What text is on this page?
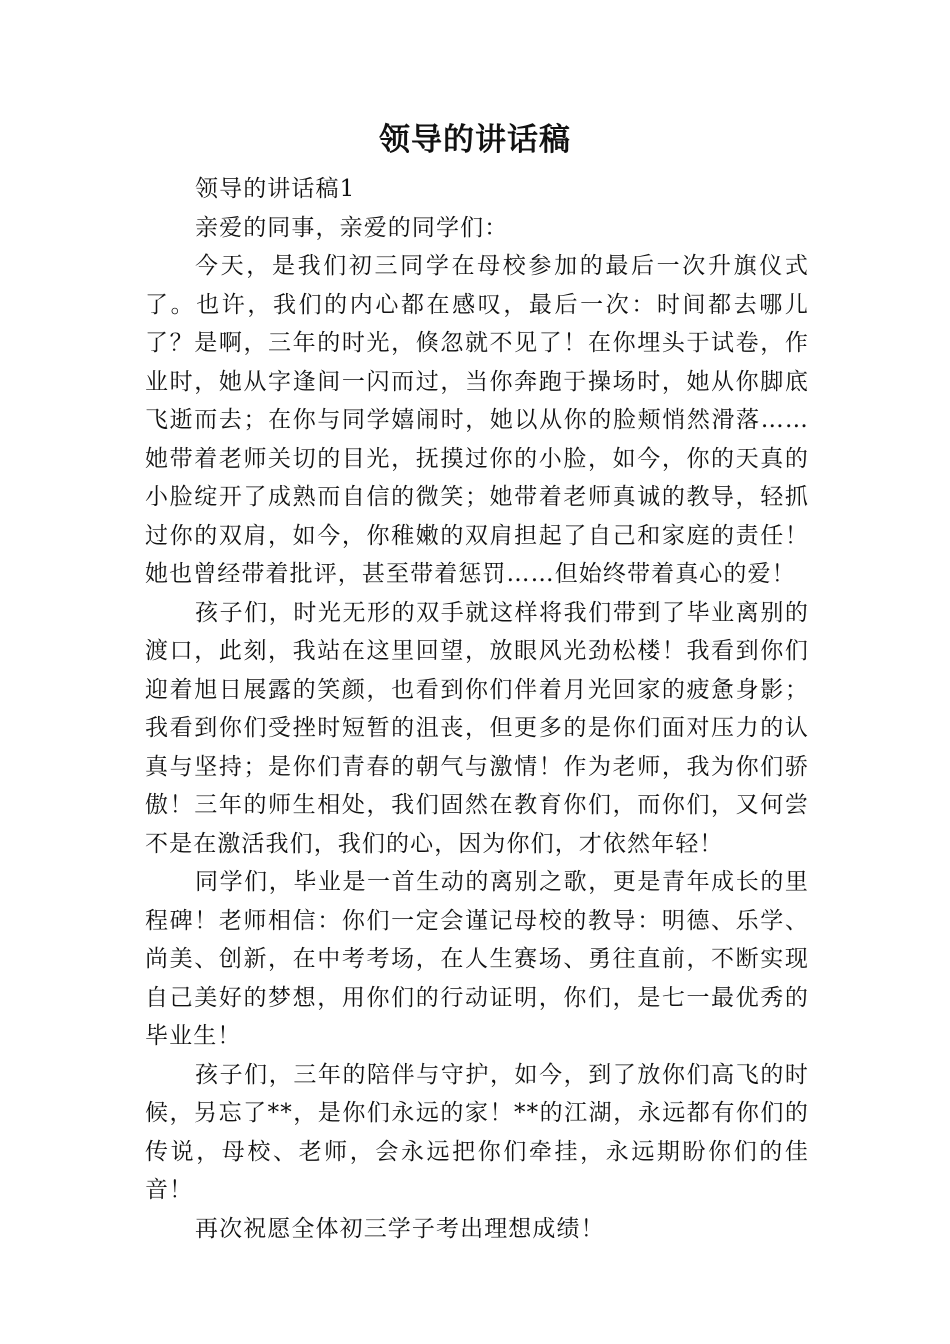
领导的讲话稿

领导的讲话稿1

亲爱的同事，亲爱的同学们：

今天，是我们初三同学在母校参加的最后一次升旗仪式了。也许，我们的内心都在感叹，最后一次：时间都去哪儿了？是啊，三年的时光，倏忽就不见了！在你埋头于试卷，作业时，她从字逢间一闪而过，当你奔跑于操场时，她从你脚底飞逝而去；在你与同学嬉闹时，她以从你的脸颊悄然滑落……她带着老师关切的目光，抚摸过你的小脸，如今，你的天真的小脸绽开了成熟而自信的微笑；她带着老师真诚的教导，轻抓过你的双肩，如今，你稚嫩的双肩担起了自己和家庭的责任！她也曾经带着批评，甚至带着惩罚……但始终带着真心的爱！

孩子们，时光无形的双手就这样将我们带到了毕业离别的渡口，此刻，我站在这里回望，放眼风光劲松楼！我看到你们迎着旭日展露的笑颜，也看到你们伴着月光回家的疲惫身影；我看到你们受挫时短暂的沮丧，但更多的是你们面对压力的认真与坚持；是你们青春的朝气与激情！作为老师，我为你们骄傲！三年的师生相处，我们固然在教育你们，而你们，又何尝不是在激活我们，我们的心，因为你们，才依然年轻！

同学们，毕业是一首生动的离别之歌，更是青年成长的里程碑！老师相信：你们一定会谨记母校的教导：明德、乐学、尚美、创新，在中考考场，在人生赛场、勇往直前，不断实现自己美好的梦想，用你们的行动证明，你们，是七一最优秀的毕业生！

孩子们，三年的陪伴与守护，如今，到了放你们高飞的时候，另忘了**，是你们永远的家！**的江湖，永远都有你们的传说，母校、老师，会永远把你们牵挂，永远期盼你们的佳音！

再次祝愿全体初三学子考出理想成绩！
